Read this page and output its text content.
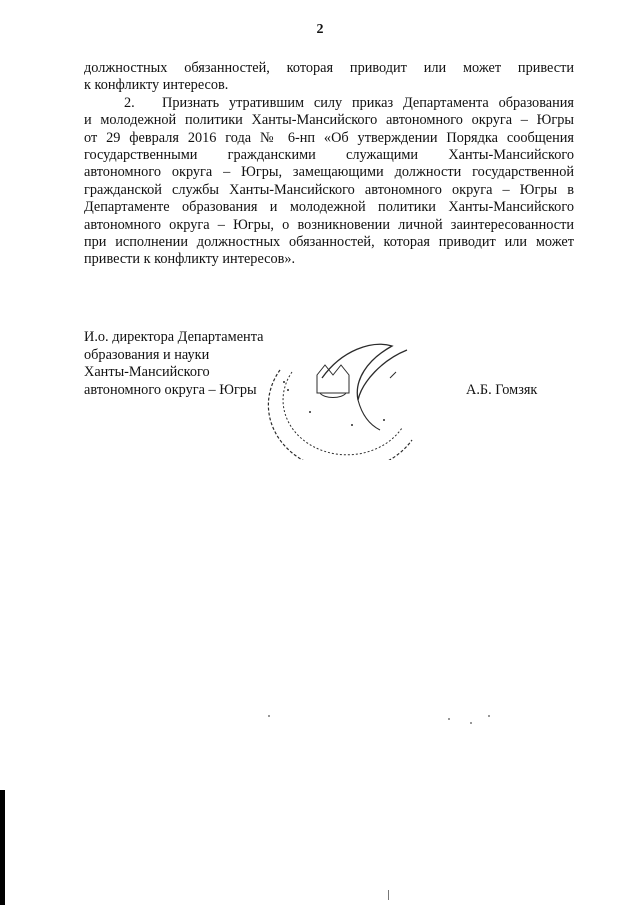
2
должностных обязанностей, которая приводит или может привести
к конфликту интересов.
2. Признать утратившим силу приказ Департамента образования
и молодежной политики Ханты-Мансийского автономного округа – Югры
от 29 февраля 2016 года № 6-нп «Об утверждении Порядка сообщения
государственными гражданскими служащими Ханты-Мансийского
автономного округа – Югры, замещающими должности государственной
гражданской службы Ханты-Мансийского автономного округа – Югры в
Департаменте образования и молодежной политики Ханты-Мансийского
автономного округа – Югры, о возникновении личной заинтересованности
при исполнении должностных обязанностей, которая приводит или может
привести к конфликту интересов».
И.о. директора Департамента
образования и науки
Ханты-Мансийского
автономного округа – Югры	А.Б. Гомзяк
